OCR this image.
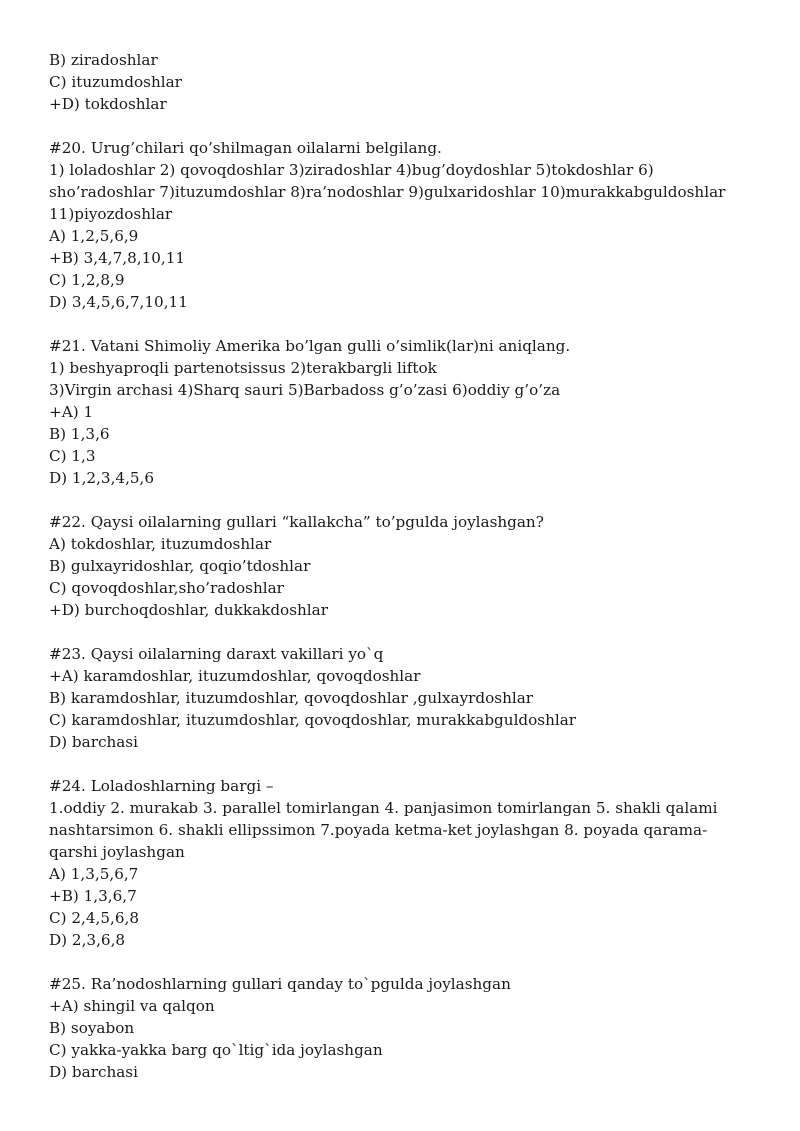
B) ziradoshlar
C) ituzumdoshlar
+D) tokdoshlar
#20. Urug’chilari qo’shilmagan oilalarni belgilang.
1) loladoshlar 2) qovoqdoshlar 3)ziradoshlar 4)bug’doydoshlar 5)tokdoshlar 6)
sho’radoshlar 7)ituzumdoshlar 8)ra’nodoshlar 9)gulxaridoshlar 10)murakkabguldoshlar
11)piyozdoshlar
A) 1,2,5,6,9
+B) 3,4,7,8,10,11
C) 1,2,8,9
D) 3,4,5,6,7,10,11
#21. Vatani Shimoliy Amerika bo’lgan gulli o’simlik(lar)ni aniqlang.
1) beshyaproqli partenotsissus 2)terakbargli liftok
3)Virgin archasi 4)Sharq sauri 5)Barbadoss g’o’zasi 6)oddiy g’o’za
+A) 1
B) 1,3,6
C) 1,3
D) 1,2,3,4,5,6
#22. Qaysi oilalarning gullari “kallakcha” to’pgulda joylashgan?
A) tokdoshlar, ituzumdoshlar
B) gulxayridoshlar, qoqio’tdoshlar
C) qovoqdoshlar,sho’radoshlar
+D) burchoqdoshlar, dukkakdoshlar
#23. Qaysi oilalarning daraxt vakillari yo`q
+A) karamdoshlar, ituzumdoshlar, qovoqdoshlar
B) karamdoshlar, ituzumdoshlar, qovoqdoshlar ,gulxayrdoshlar
C) karamdoshlar, ituzumdoshlar, qovoqdoshlar, murakkabguldoshlar
D) barchasi
#24. Loladoshlarning bargi –
1.oddiy 2. murakab 3. parallel tomirlangan 4. panjasimon tomirlangan 5. shakli qalami
nashtarsimon 6. shakli ellipssimon 7.poyada ketma-ket joylashgan 8. poyada qarama-
qarshi joylashgan
A) 1,3,5,6,7
+B) 1,3,6,7
C) 2,4,5,6,8
D) 2,3,6,8
#25. Ra’nodoshlarning gullari qanday to`pgulda joylashgan
+A) shingil va qalqon
B) soyabon
C) yakka-yakka barg qo`ltig`ida joylashgan
D) barchasi
